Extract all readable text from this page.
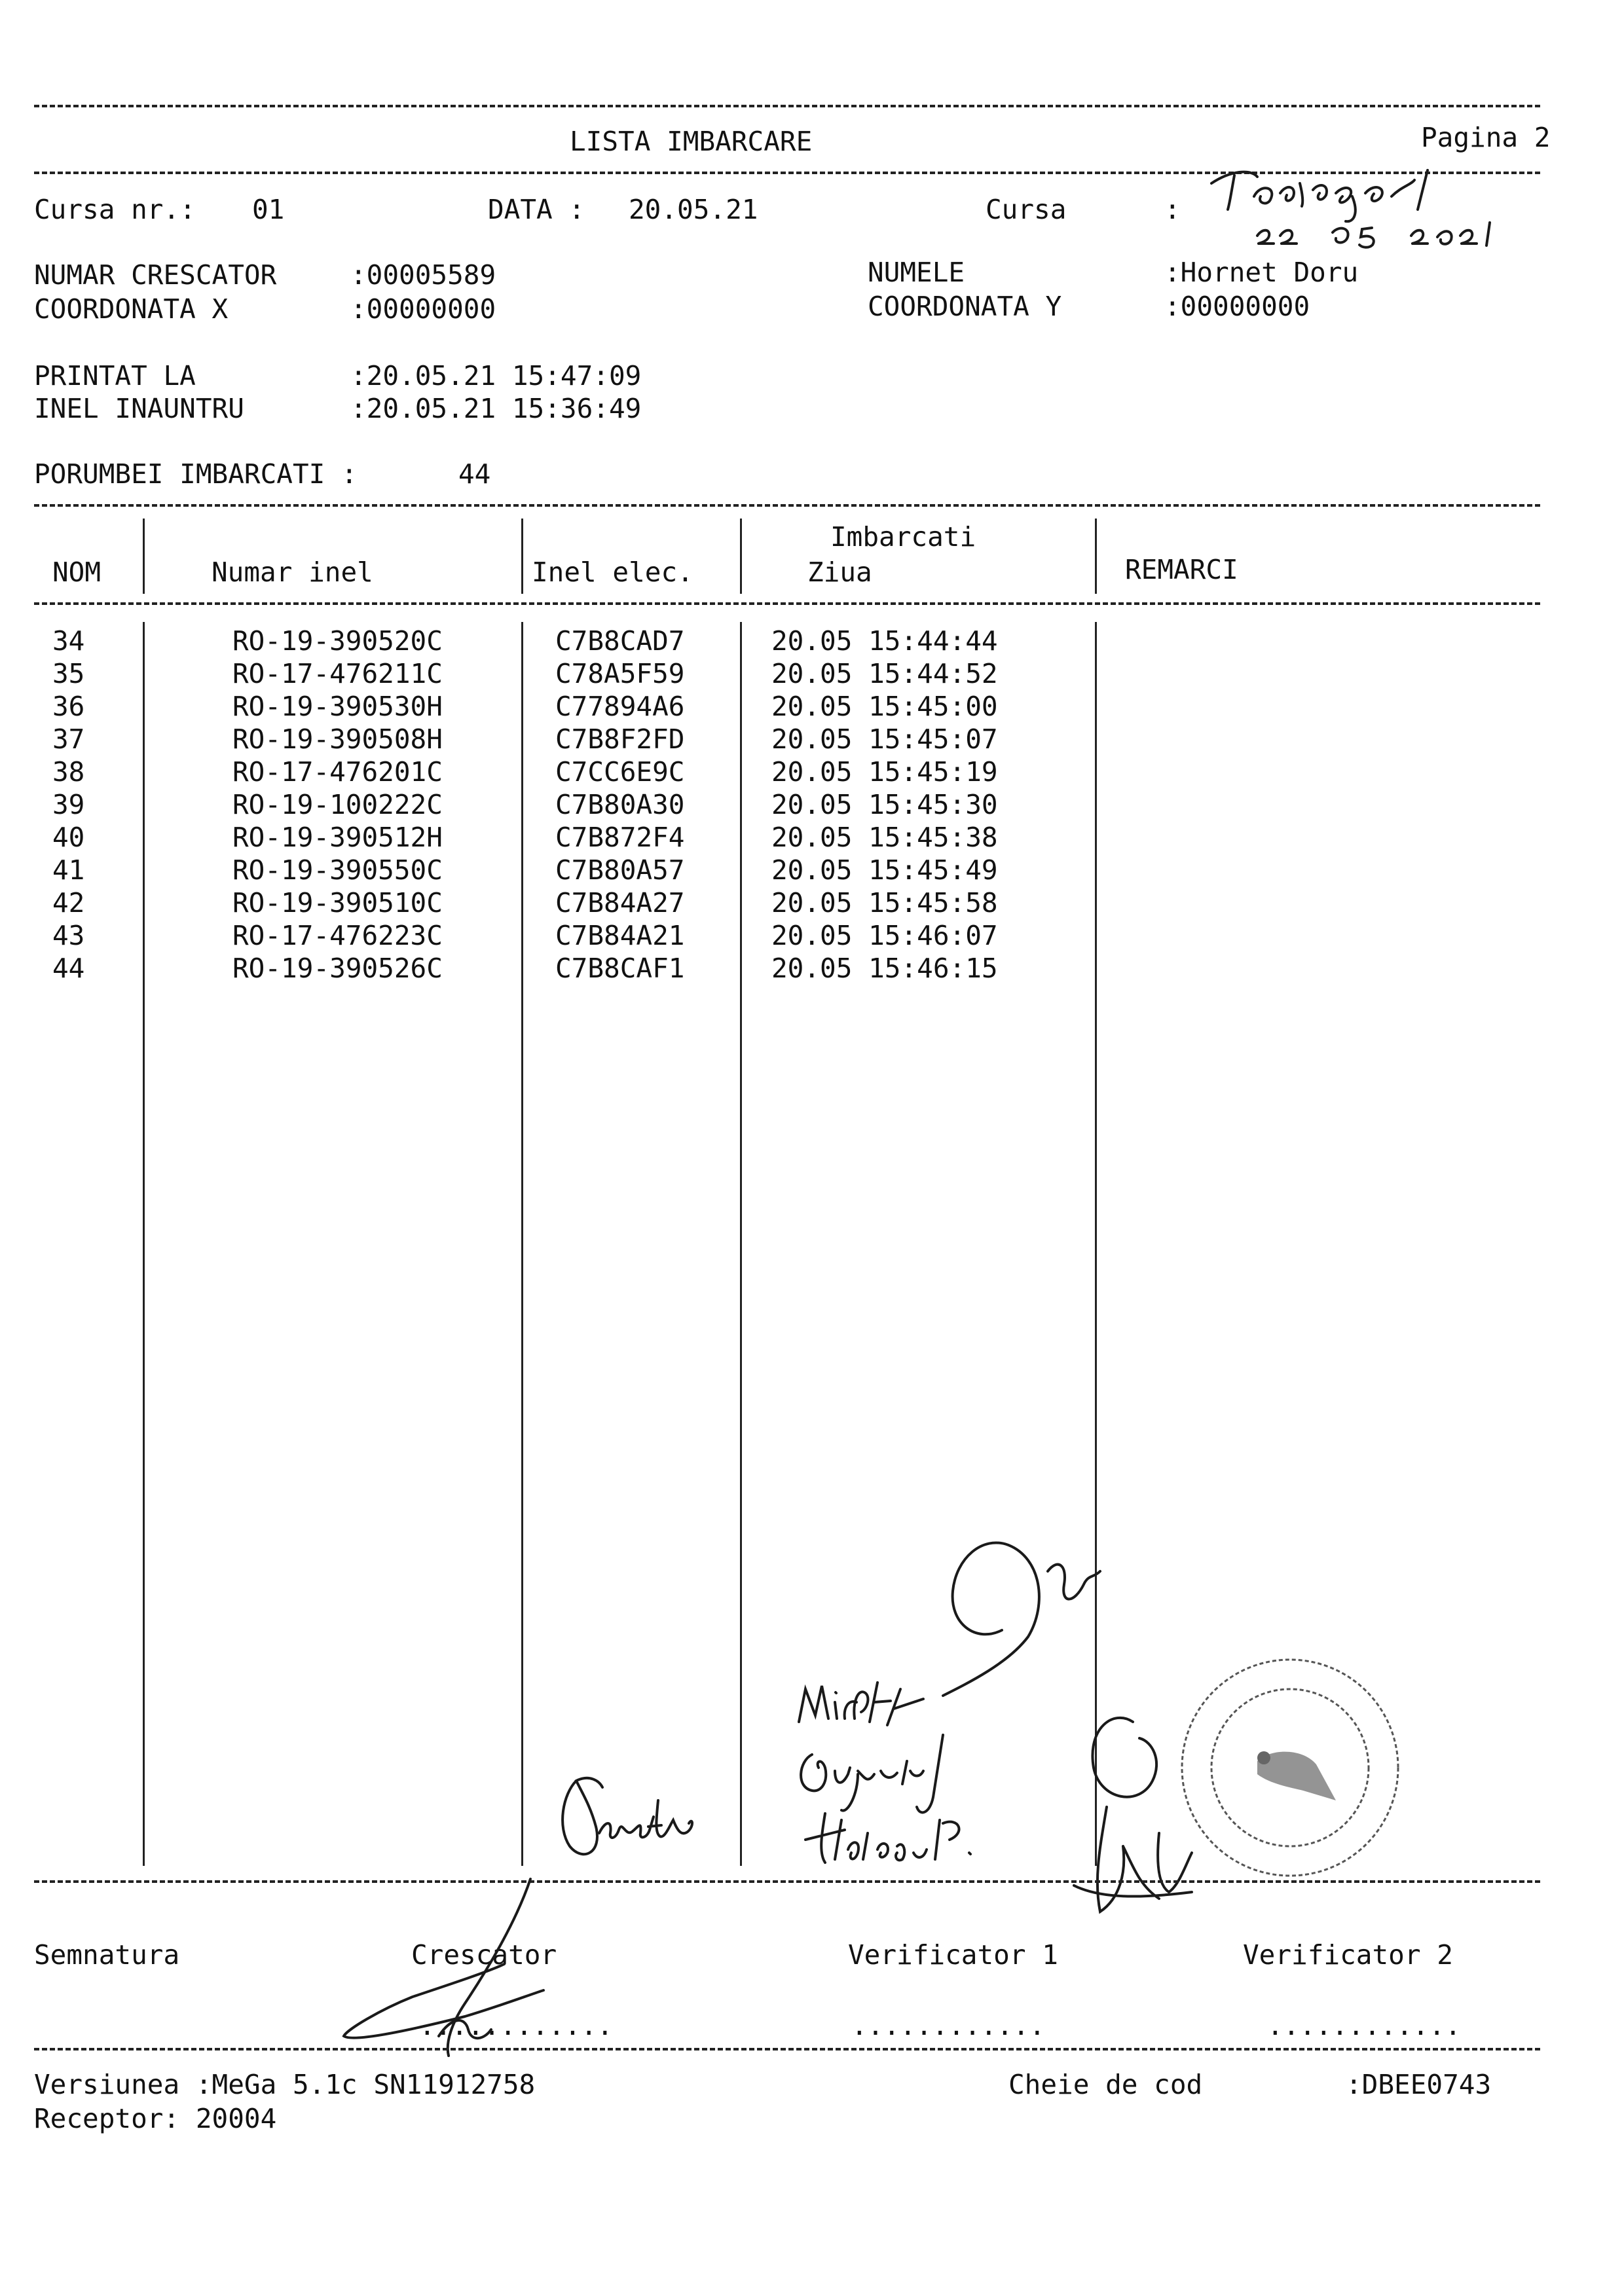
LISTA IMBARCARE	Pagina 2
Cursa nr.: 01	DATA : 20.05.21	Cursa	:
NUMAR CRESCATOR	:00005589
COORDONATA X	:00000000
NUMELE	:Hornet Doru
COORDONATA Y	:00000000
PRINTAT LA	:20.05.21 15:47:09
INEL INAUNTRU	:20.05.21 15:36:49
PORUMBEI IMBARCATI :	44
NOM	Numar inel	Inel elec.
Imbarcati
Ziua	REMARCI
34	RO-19-390520C	C7B8CAD7	20.05 15:44:44
35	RO-17-476211C	C78A5F59	20.05 15:44:52
36	RO-19-390530H	C77894A6	20.05 15:45:00
37	RO-19-390508H	C7B8F2FD	20.05 15:45:07
38	RO-17-476201C	C7CC6E9C	20.05 15:45:19
39	RO-19-100222C	C7B80A30	20.05 15:45:30
40	RO-19-390512H	C7B872F4	20.05 15:45:38
41	RO-19-390550C	C7B80A57	20.05 15:45:49
42	RO-19-390510C	C7B84A27	20.05 15:45:58
43	RO-17-476223C	C7B84A21	20.05 15:46:07
44	RO-19-390526C	C7B8CAF1	20.05 15:46:15
Semnatura	Crescator	Verificator 1	Verificator 2
............	............	............
Versiunea :MeGa 5.1c SN11912758
Receptor: 20004
Cheie de cod	:DBEE0743
